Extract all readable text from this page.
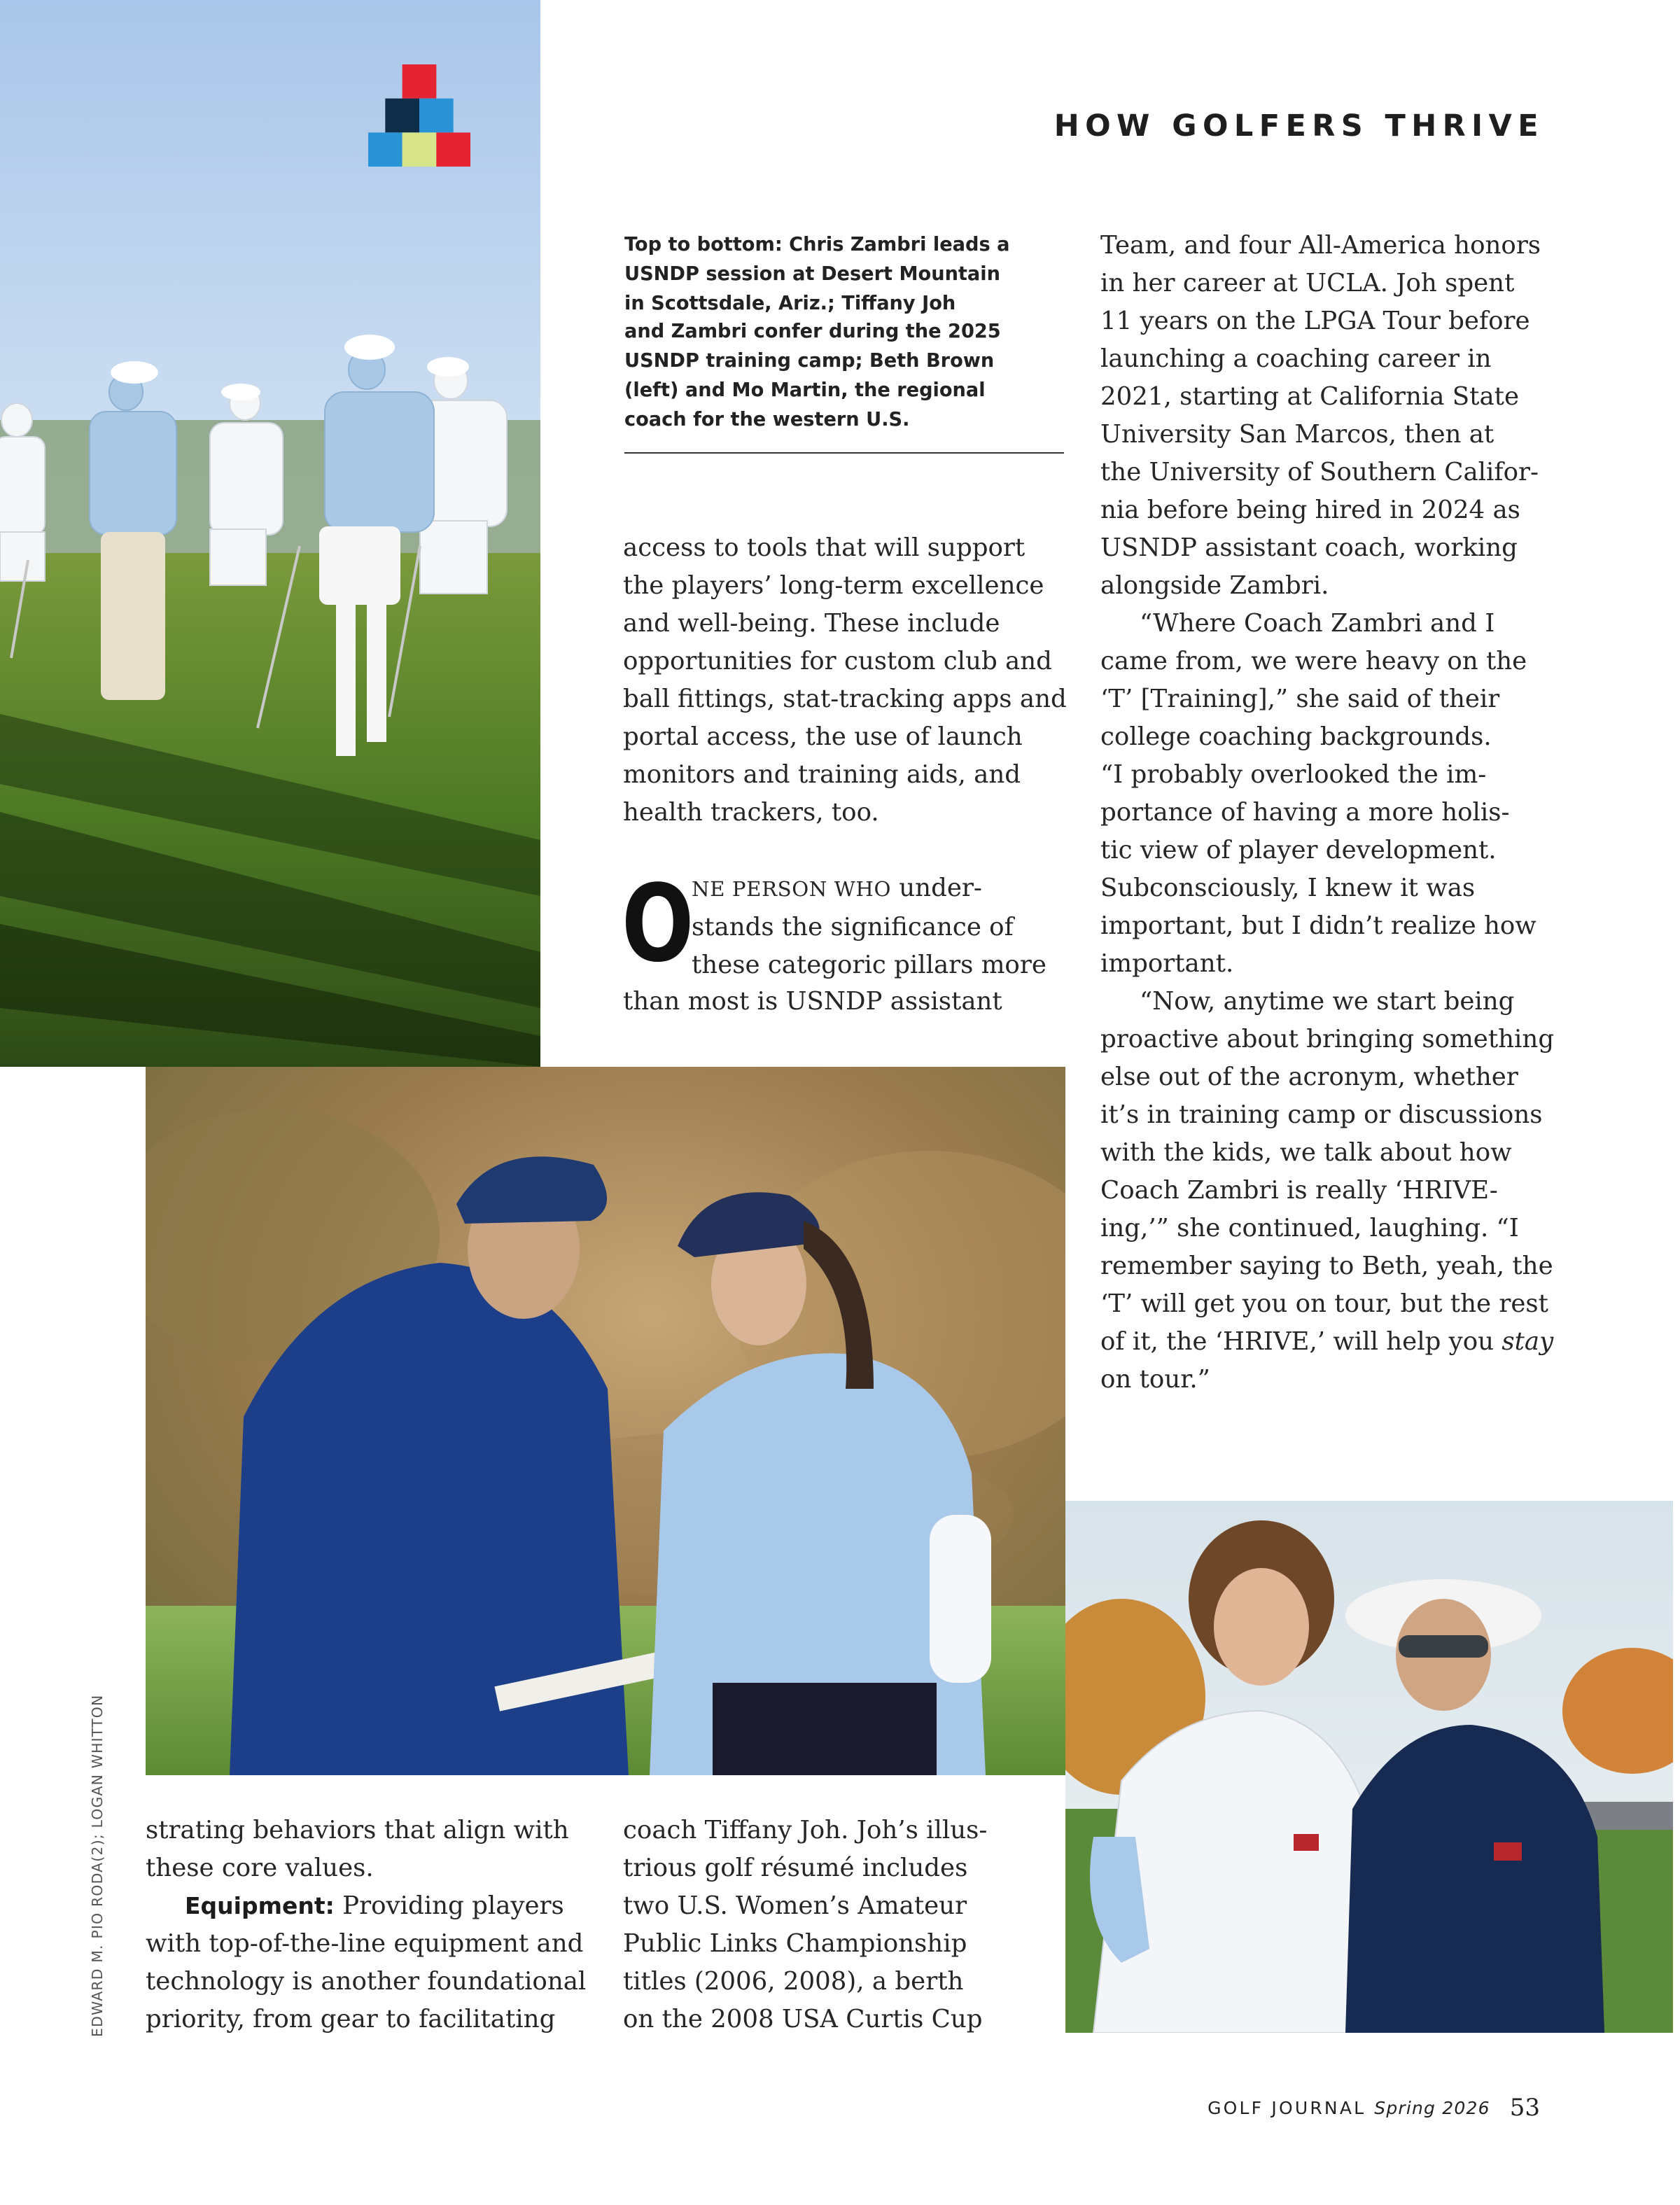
HOW GOLFERS THRIVE
Top to bottom: Chris Zambri leads a
USNDP session at Desert Mountain
in Scottsdale, Ariz.; Tiffany Joh
and Zambri confer during the 2025
USNDP training camp; Beth Brown
(left) and Mo Martin, the regional
coach for the western U.S.
access to tools that will support
the players’ long-term excellence
and well-being. These include
opportunities for custom club and
ball fittings, stat-tracking apps and
portal access, the use of launch
monitors and training aids, and
health trackers, too.
O
NE PERSON WHO under-
stands the significance of
these categoric pillars more
than most is USNDP assistant
Team, and four All-America honors
in her career at UCLA. Joh spent
11 years on the LPGA Tour before
launching a coaching career in
2021, starting at California State
University San Marcos, then at
the University of Southern Califor-
nia before being hired in 2024 as
USNDP assistant coach, working
alongside Zambri.
“Where Coach Zambri and I
came from, we were heavy on the
‘T’ [Training],” she said of their
college coaching backgrounds.
“I probably overlooked the im-
portance of having a more holis-
tic view of player development.
Subconsciously, I knew it was
important, but I didn’t realize how
important.
“Now, anytime we start being
proactive about bringing something
else out of the acronym, whether
it’s in training camp or discussions
with the kids, we talk about how
Coach Zambri is really ‘HRIVE-
ing,’” she continued, laughing. “I
remember saying to Beth, yeah, the
‘T’ will get you on tour, but the rest
of it, the ‘HRIVE,’ will help you stay
on tour.”
strating behaviors that align with
these core values.
Equipment: Providing players
with top-of-the-line equipment and
technology is another foundational
priority, from gear to facilitating
coach Tiffany Joh. Joh’s illus-
trious golf résumé includes
two U.S. Women’s Amateur
Public Links Championship
titles (2006, 2008), a berth
on the 2008 USA Curtis Cup
EDWARD M. PIO RODA(2); LOGAN WHITTON
GOLF JOURNAL Spring 2026 53
